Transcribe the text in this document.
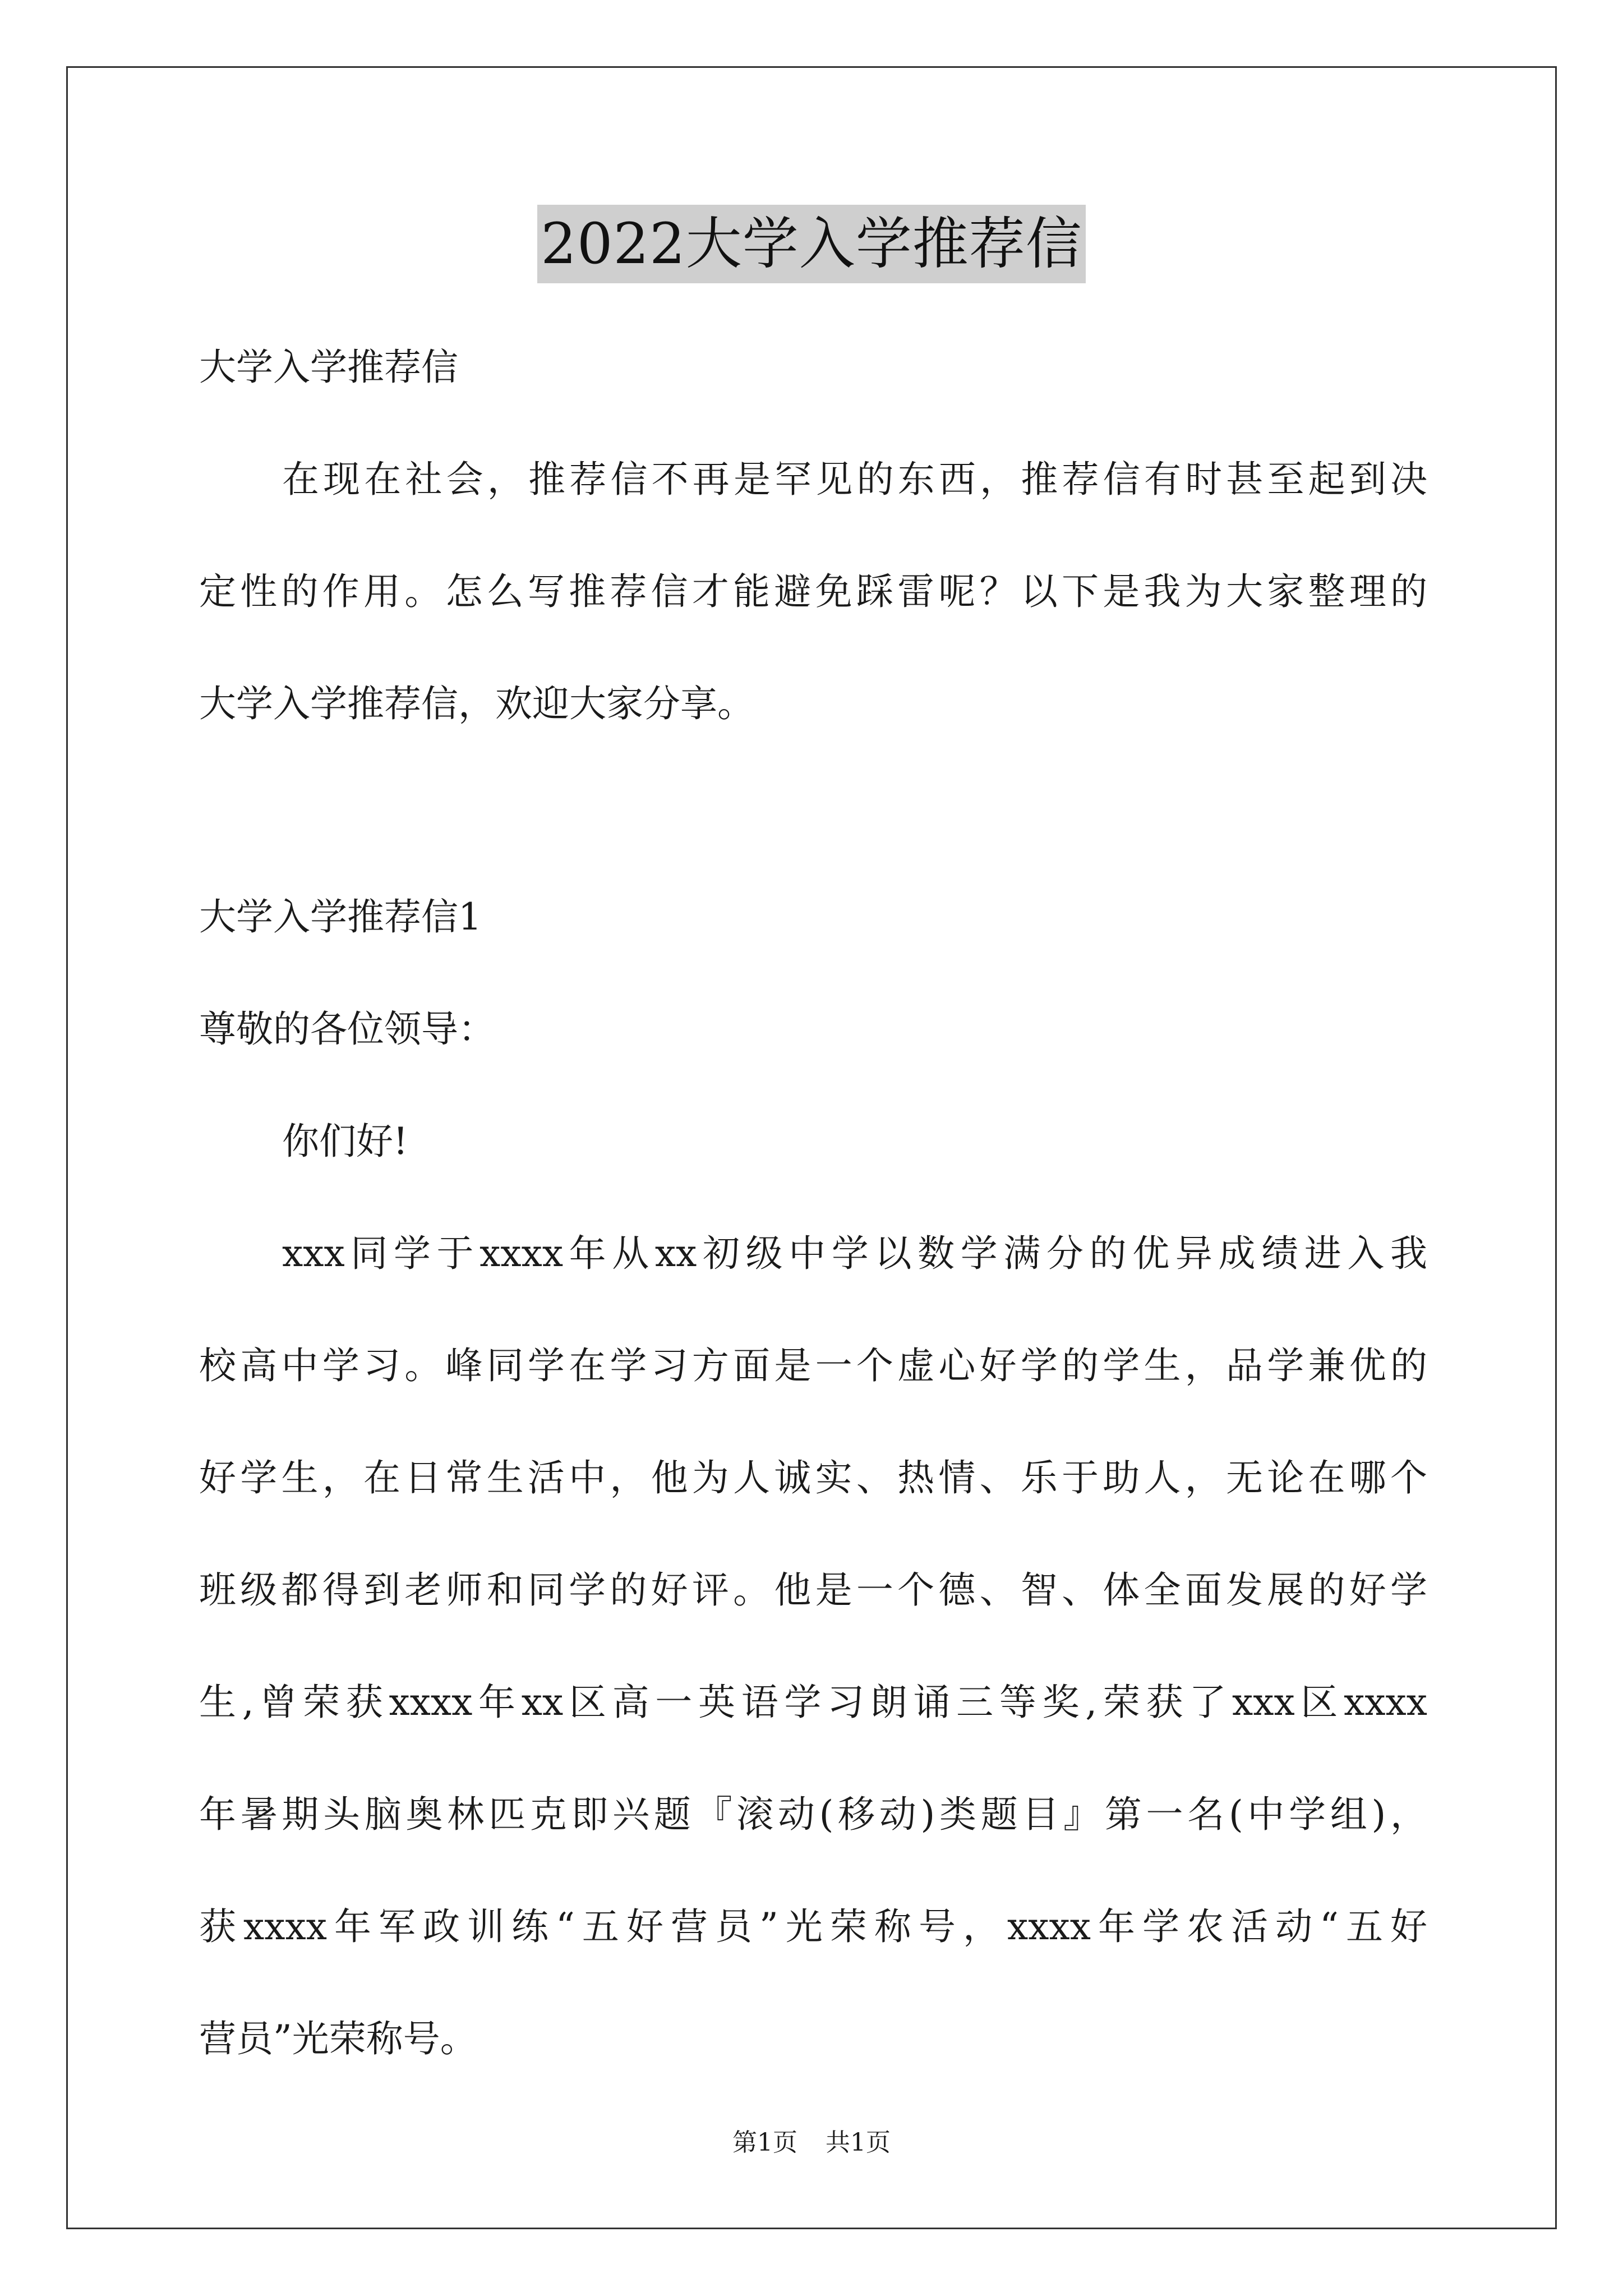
2022大学入学推荐信
大学入学推荐信
在现在社会，推荐信不再是罕见的东西，推荐信有时甚至起到决
定性的作用。怎么写推荐信才能避免踩雷呢？以下是我为大家整理的
大学入学推荐信，欢迎大家分享。
大学入学推荐信1
尊敬的各位领导：
你们好!
xxx同学于xxxx年从xx初级中学以数学满分的优异成绩进入我
校高中学习。峰同学在学习方面是一个虚心好学的学生，品学兼优的
好学生，在日常生活中，他为人诚实、热情、乐于助人，无论在哪个
班级都得到老师和同学的好评。他是一个德、智、体全面发展的好学
生,曾荣获xxxx年xx区高一英语学习朗诵三等奖,荣获了xxx区xxxx
年暑期头脑奥林匹克即兴题『滚动(移动)类题目』第一名(中学组)，
获xxxx年军政训练“五好营员”光荣称号，xxxx年学农活动“五好
营员”光荣称号。
第1页 共1页
